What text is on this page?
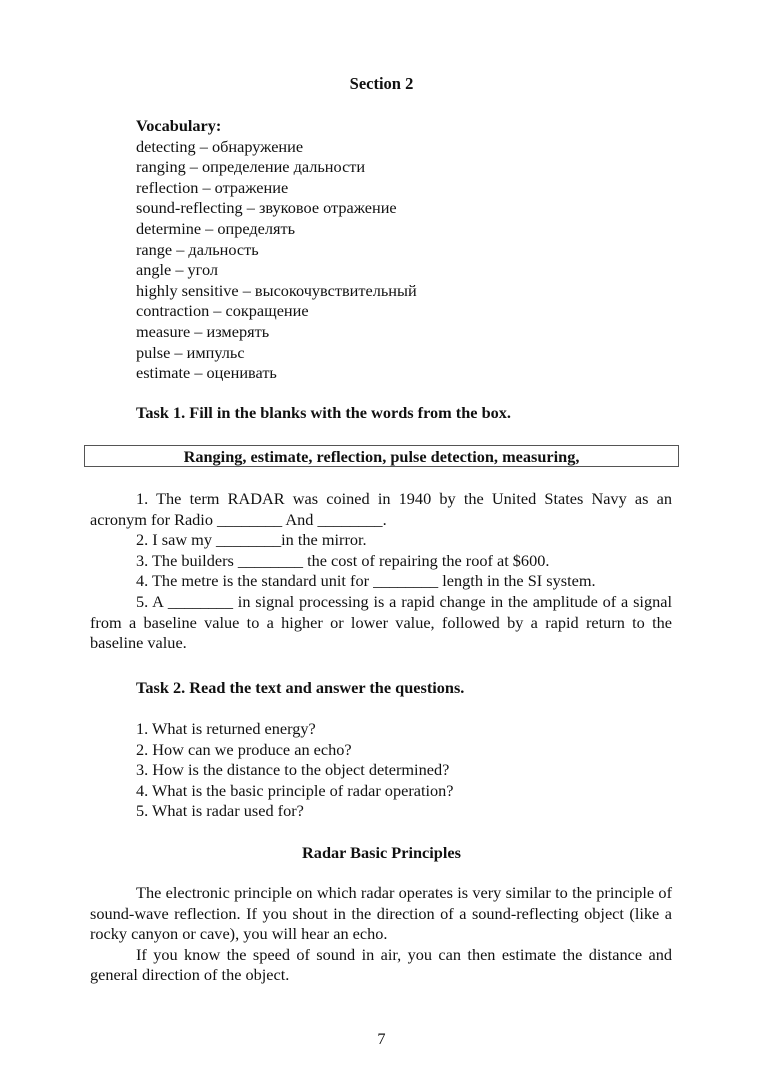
Section 2
Vocabulary:
detecting – обнаружение
ranging – определение дальности
reflection – отражение
sound-reflecting – звуковое отражение
determine – определять
range – дальность
angle – угол
highly sensitive – высокочувствительный
contraction – сокращение
measure – измерять
pulse – импульс
estimate – оценивать
Task 1. Fill in the blanks with the words from the box.
Ranging, estimate, reflection, pulse detection, measuring,

1. The term RADAR was coined in 1940 by the United States Navy as an acronym for Radio ________ And ________.

2. I saw my ________in the mirror.

3. The builders ________ the cost of repairing the roof at $600.

4. The metre is the standard unit for ________ length in the SI system.

5. A ________ in signal processing is a rapid change in the amplitude of a signal from a baseline value to a higher or lower value, followed by a rapid return to the baseline value.

Task 2. Read the text and answer the questions.
1. What is returned energy?
2. How can we produce an echo?
3. How is the distance to the object determined?
4. What is the basic principle of radar operation?
5. What is radar used for?
Radar Basic Principles

The electronic principle on which radar operates is very similar to the principle of sound-wave reflection. If you shout in the direction of a sound-reflecting object (like a rocky canyon or cave), you will hear an echo.

If you know the speed of sound in air, you can then estimate the distance and general direction of the object.

7
